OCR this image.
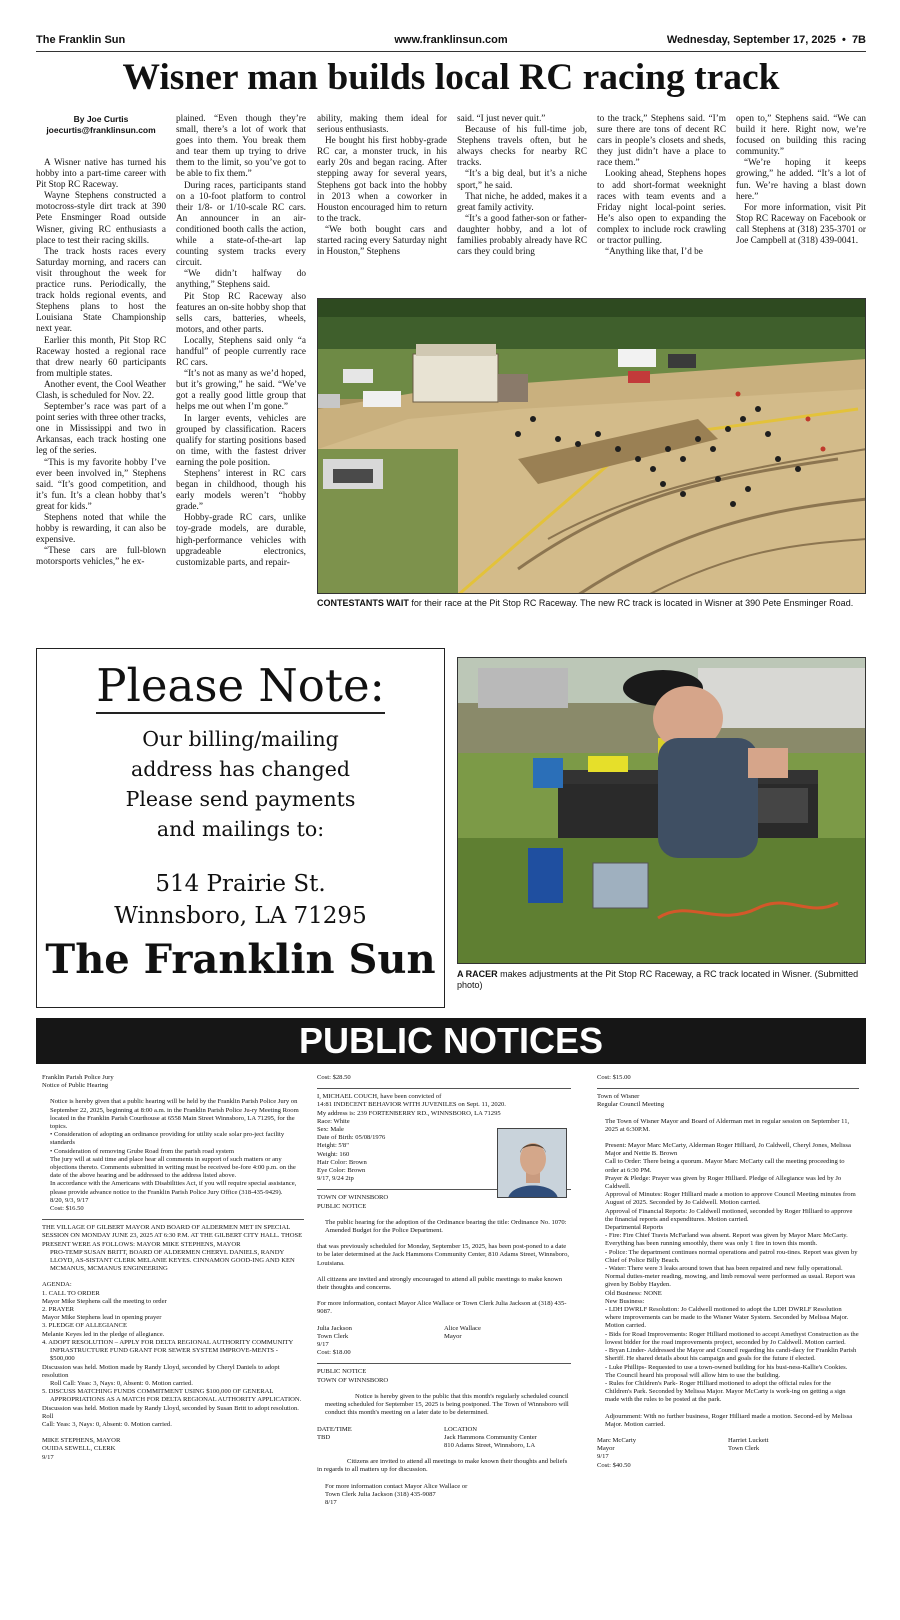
The Franklin Sun	www.franklinsun.com	Wednesday, September 17, 2025 • 7B
Wisner man builds local RC racing track
By Joe Curtis
joecurtis@franklinsun.com

A Wisner native has turned his hobby into a part-time career with Pit Stop RC Raceway.

Wayne Stephens constructed a motocross-style dirt track at 390 Pete Ensminger Road outside Wisner, giving RC enthusiasts a place to test their racing skills.

The track hosts races every Saturday morning, and racers can visit throughout the week for practice runs. Periodically, the track holds regional events, and Stephens plans to host the Louisiana State Championship next year.

Earlier this month, Pit Stop RC Raceway hosted a regional race that drew nearly 60 participants from multiple states.

Another event, the Cool Weather Clash, is scheduled for Nov. 22.

September’s race was part of a point series with three other tracks, one in Mississippi and two in Arkansas, each track hosting one leg of the series.

“This is my favorite hobby I’ve ever been involved in,” Stephens said. “It’s good competition, and it’s fun. It’s a clean hobby that’s great for kids.”

Stephens noted that while the hobby is rewarding, it can also be expensive.

“These cars are full-blown motorsports vehicles,” he ex-

plained. “Even though they’re small, there’s a lot of work that goes into them. You break them and tear them up trying to drive them to the limit, so you’ve got to be able to fix them.”

During races, participants stand on a 10-foot platform to control their 1/8- or 1/10-scale RC cars. An announcer in an air-conditioned booth calls the action, while a state-of-the-art lap counting system tracks every circuit.

“We didn’t halfway do anything,” Stephens said.

Pit Stop RC Raceway also features an on-site hobby shop that sells cars, batteries, wheels, motors, and other parts.

Locally, Stephens said only “a handful” of people currently race RC cars.

“It’s not as many as we’d hoped, but it’s growing,” he said. “We’ve got a really good little group that helps me out when I’m gone.”

In larger events, vehicles are grouped by classification. Racers qualify for starting positions based on time, with the fastest driver earning the pole position.

Stephens’ interest in RC cars began in childhood, though his early models weren’t “hobby grade.”

Hobby-grade RC cars, unlike toy-grade models, are durable, high-performance vehicles with upgradeable electronics, customizable parts, and repair-

ability, making them ideal for serious enthusiasts.

He bought his first hobby-grade RC car, a monster truck, in his early 20s and began racing. After stepping away for several years, Stephens got back into the hobby in 2013 when a coworker in Houston encouraged him to return to the track.

“We both bought cars and started racing every Saturday night in Houston,” Stephens

said. “I just never quit.”

Because of his full-time job, Stephens travels often, but he always checks for nearby RC tracks.

“It’s a big deal, but it’s a niche sport,” he said.

That niche, he added, makes it a great family activity.

“It’s a good father-son or father-daughter hobby, and a lot of families probably already have RC cars they could bring

to the track,” Stephens said. “I’m sure there are tons of decent RC cars in people’s closets and sheds, they just didn’t have a place to race them.”

Looking ahead, Stephens hopes to add short-format weeknight races with team events and a Friday night local-point series. He’s also open to expanding the complex to include rock crawling or tractor pulling.

“Anything like that, I’d be

open to,” Stephens said. “We can build it here. Right now, we’re focused on building this racing community.”

“We’re hoping it keeps growing,” he added. “It’s a lot of fun. We’re having a blast down here.”

For more information, visit Pit Stop RC Raceway on Facebook or call Stephens at (318) 235-3701 or Joe Campbell at (318) 439-0041.

CONTESTANTS WAIT for their race at the Pit Stop RC Raceway. The new RC track is located in Wisner at 390 Pete Ensminger Road.
Please Note:
Our billing/mailing
address has changed
Please send payments
and mailings to:
514 Prairie St.
Winnsboro, LA 71295
The Franklin Sun	A RACER makes adjustments at the Pit Stop RC Raceway, a RC track located in Wisner. (Submitted photo)
PUBLIC NOTICES
Franklin Parish Police Jury
Notice of Public Hearing
Notice is hereby given that a public hearing will be held by the Franklin Parish Police Jury on September 22, 2025, beginning at 8:00 a.m. in the Franklin Parish Police Ju-ry Meeting Room located in the Franklin Parish Courthouse at 6558 Main Street Winnsboro, LA 71295, for the topics.
• Consideration of adopting an ordinance providing for utility scale solar pro-ject facility standards
• Consideration of removing Grube Road from the parish road system
The jury will at said time and place hear all comments in support of such matters or any objections thereto. Comments submitted in writing must be received be-fore 4:00 p.m. on the date of the above hearing and be addressed to the address listed above.
In accordance with the Americans with Disabilities Act, if you will require special assistance, please provide advance notice to the Franklin Parish Police Jury Office (318-435-9429).
8/20, 9/3, 9/17
Cost: $16.50
THE VILLAGE OF GILBERT MAYOR AND BOARD OF ALDERMEN MET IN SPECIAL SESSION ON MONDAY JUNE 23, 2025 AT 6:30 P.M. AT THE GILBERT CITY HALL. THOSE PRESENT WERE AS FOLLOWS: MAYOR MIKE STEPHENS, MAYOR
PRO-TEMP SUSAN BRITT, BOARD OF ALDERMEN CHERYL DANIELS, RANDY LLOYD, AS-SISTANT CLERK MELANIE KEYES. CINNAMON GOOD-ING AND KEN MCMANUS, MCMANUS ENGINEERING
AGENDA:
1. CALL TO ORDER
Mayor Mike Stephens call the meeting to order
2. PRAYER
Mayor Mike Stephens lead in opening prayer
3. PLEDGE OF ALLEGIANCE
Melanie Keyes led in the pledge of allegiance.
4. ADOPT RESOLUTION – APPLY FOR DELTA REGIONAL AUTHORITY COMMUNITY
INFRASTRUCTURE FUND GRANT FOR SEWER SYSTEM IMPROVE-MENTS - $500,000
Discussion was held. Motion made by Randy Lloyd, seconded by Cheryl Daniels to adopt resolution
Roll Call: Yeas: 3, Nays: 0, Absent: 0. Motion carried.
5. DISCUSS MATCHING FUNDS COMMITMENT USING $100,000 OF GENERAL
APPROPRIATIONS AS A MATCH FOR DELTA REGIONAL AUTHORITY APPLICATION.
Discussion was held. Motion made by Randy Lloyd, seconded by Susan Britt to adopt resolution. Roll
Call: Yeas: 3, Nays: 0, Absent: 0. Motion carried.
MIKE STEPHENS, MAYOR
OUIDA SEWELL, CLERK
9/17
Cost: $28.50
I, MICHAEL COUCH, have been convicted of
14:81 INDECENT BEHAVIOR WITH JUVENILES on Sept. 11, 2020.
My address is: 239 FORTENBERRY RD., WINNSBORO, LA 71295
Race: White
Sex: Male
Date of Birth: 05/08/1976
Height: 5'8"
Weight: 160
Hair Color: Brown
Eye Color: Brown
9/17, 9/24 2tp
TOWN OF WINNSBORO
PUBLIC NOTICE
The public hearing for the adoption of the Ordinance bearing the title: Ordinance No. 1070: Amended Budget for the Police Department.
that was previously scheduled for Monday, September 15, 2025, has been post-poned to a date to be later determined at the Jack Hammons Community Center, 810 Adams Street, Winnsboro, Louisiana.
All citizens are invited and strongly encouraged to attend all public meetings to make known their thoughts and concerns.
For more information, contact Mayor Alice Wallace or Town Clerk Julia Jackson at (318) 435-9087.
Julia Jackson	Alice Wallace
Town Clerk	Mayor
9/17
Cost: $18.00
PUBLIC NOTICE
TOWN OF WINNSBORO
Notice is hereby given to the public that this month's regularly scheduled council meeting scheduled for September 15, 2025 is being postponed. The Town of Winnsboro will conduct this month's meeting on a later date to be determined.
DATE/TIME	LOCATION
TBD	Jack Hammons Community Center
810 Adams Street, Winnsboro, LA
Citizens are invited to attend all meetings to make known their thoughts and beliefs in regards to all matters up for discussion.
For more information contact Mayor Alice Wallace or
Town Clerk Julia Jackson (318) 435-9087
8/17
Cost: $15.00
Town of Wisner
Regular Council Meeting
The Town of Wisner Mayor and Board of Alderman met in regular session on September 11, 2025 at 6:30P.M.
Present: Mayor Marc McCarty, Alderman Roger Hilliard, Jo Caldwell, Cheryl Jones, Melissa Major and Nettie B. Brown
Call to Order: There being a quorum. Mayor Marc McCarty call the meeting proceeding to order at 6:30 PM.
Prayer & Pledge: Prayer was given by Roger Hilliard. Pledge of Allegiance was led by Jo Caldwell.
Approval of Minutes: Roger Hilliard made a motion to approve Council Meeting minutes from August of 2025. Seconded by Jo Caldwell. Motion carried.
Approval of Financial Reports: Jo Caldwell motioned, seconded by Roger Hilliard to approve the financial reports and expenditures. Motion carried.
Departmental Reports
- Fire: Fire Chief Travis McFarland was absent. Report was given by Mayor Marc McCarty. Everything has been running smoothly, there was only 1 fire in town this month.
- Police: The department continues normal operations and patrol rou-tines. Report was given by Chief of Police Billy Beach.
- Water: There were 3 leaks around town that has been repaired and new fully operational. Normal duties-meter reading, mowing, and limb removal were performed as usual. Report was given by Bobby Hayden.
Old Business: NONE
New Business:
- LDH DWRLF Resolution: Jo Caldwell motioned to adopt the LDH DWRLF Resolution where improvements can be made to the Wisner Water System. Seconded by Melissa Major. Motion carried.
- Bids for Road Improvements: Roger Hilliard motioned to accept Amethyst Construction as the lowest bidder for the road improvements project, seconded by Jo Caldwell. Motion carried.
- Bryan Linder- Addressed the Mayor and Council regarding his candi-dacy for Franklin Parish Sheriff. He shared details about his campaign and goals for the future if elected.
- Luke Phillips- Requested to use a town-owned building for his busi-ness-Kallie's Cookies. The Council heard his proposal will allow him to use the building.
- Rules for Children's Park- Roger Hilliard motioned to adopt the official rules for the Children's Park. Seconded by Melissa Major. Mayor McCarty is work-ing on getting a sign made with the rules to be posted at the park.
Adjournment: With no further business, Roger Hilliard made a motion. Second-ed by Melissa Major. Motion carried.
Marc McCarty	Harriet Luckett
Mayor	Town Clerk
9/17
Cost: $40.50
